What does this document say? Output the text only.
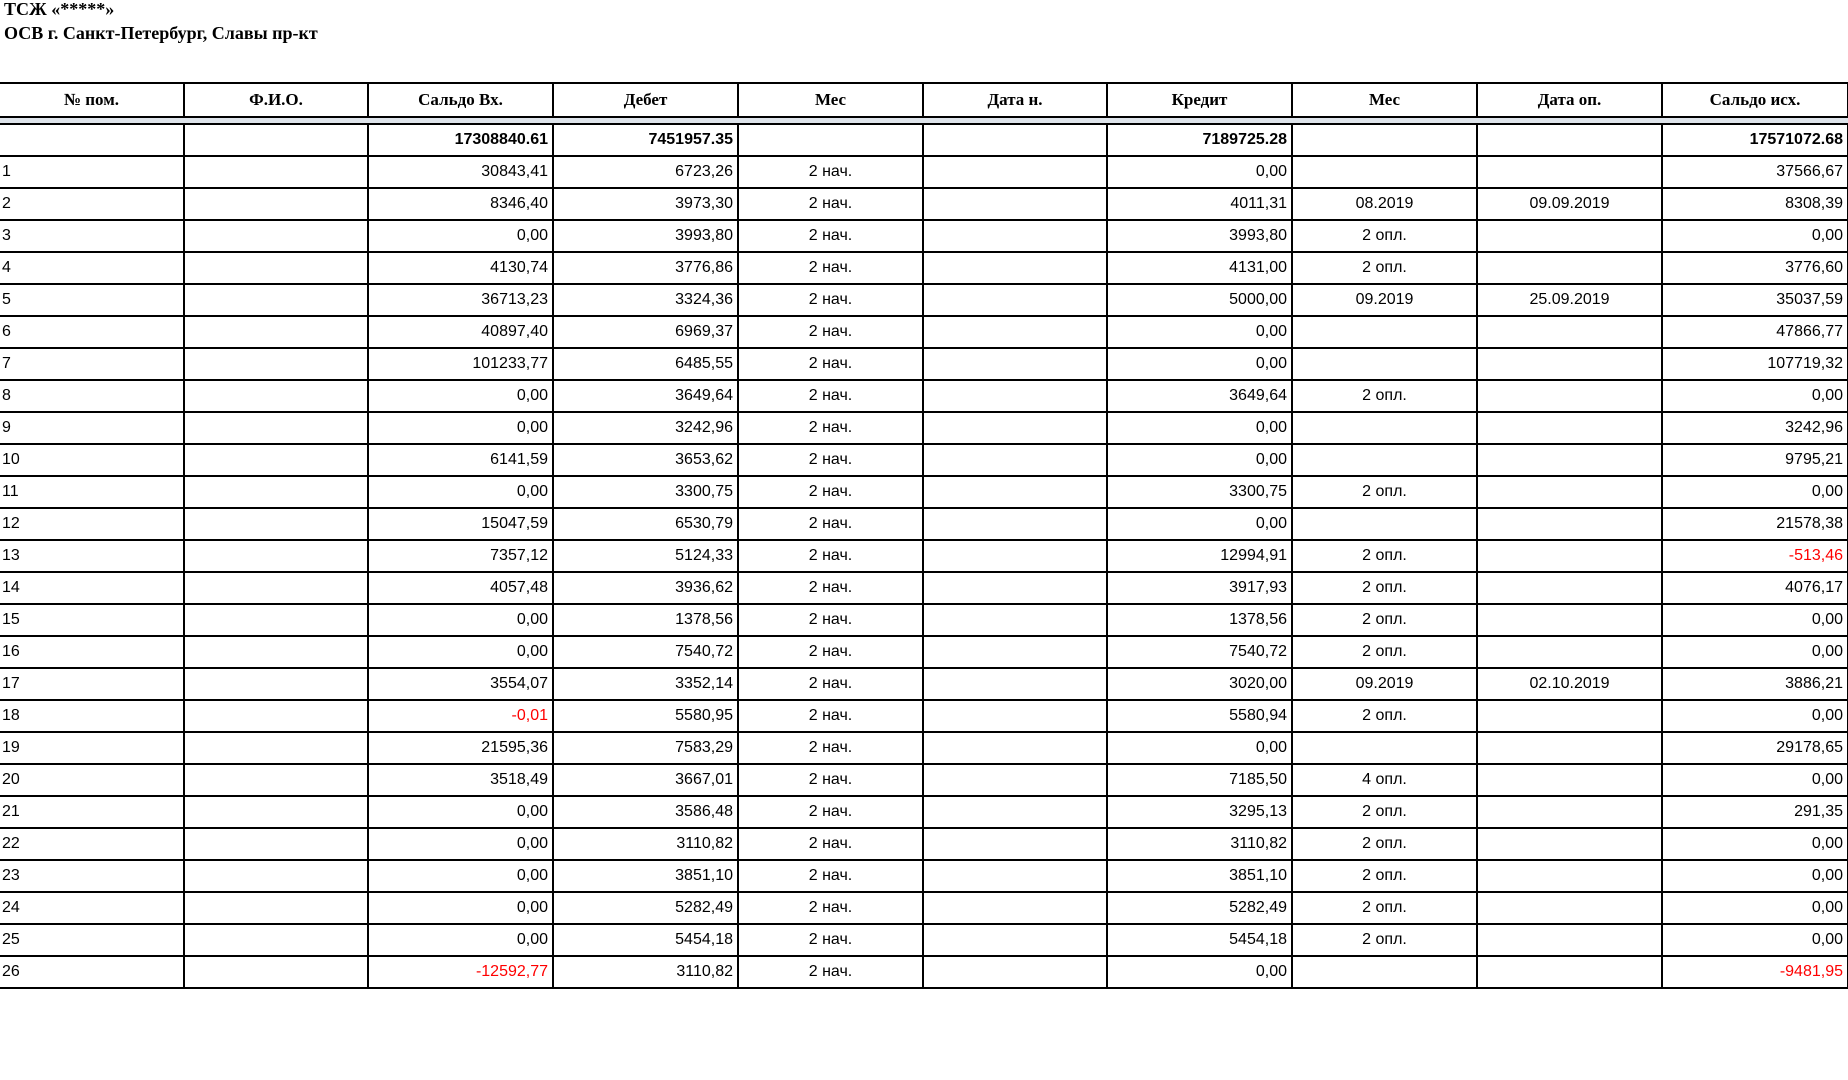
ТСЖ «*****»
ОСВ г. Санкт-Петербург, Славы пр-кт
№ пом.	Ф.И.О.	Сальдо Вх.	Дебет	Мес	Дата н.	Кредит	Мес	Дата оп.	Сальдо исх.

		17308840.61	7451957.35			7189725.28			17571072.68
1		30843,41	6723,26	2 нач.		0,00			37566,67
2		8346,40	3973,30	2 нач.		4011,31	08.2019	09.09.2019	8308,39
3		0,00	3993,80	2 нач.		3993,80	2 опл.		0,00
4		4130,74	3776,86	2 нач.		4131,00	2 опл.		3776,60
5		36713,23	3324,36	2 нач.		5000,00	09.2019	25.09.2019	35037,59
6		40897,40	6969,37	2 нач.		0,00			47866,77
7		101233,77	6485,55	2 нач.		0,00			107719,32
8		0,00	3649,64	2 нач.		3649,64	2 опл.		0,00
9		0,00	3242,96	2 нач.		0,00			3242,96
10		6141,59	3653,62	2 нач.		0,00			9795,21
11		0,00	3300,75	2 нач.		3300,75	2 опл.		0,00
12		15047,59	6530,79	2 нач.		0,00			21578,38
13		7357,12	5124,33	2 нач.		12994,91	2 опл.		-513,46
14		4057,48	3936,62	2 нач.		3917,93	2 опл.		4076,17
15		0,00	1378,56	2 нач.		1378,56	2 опл.		0,00
16		0,00	7540,72	2 нач.		7540,72	2 опл.		0,00
17		3554,07	3352,14	2 нач.		3020,00	09.2019	02.10.2019	3886,21
18		-0,01	5580,95	2 нач.		5580,94	2 опл.		0,00
19		21595,36	7583,29	2 нач.		0,00			29178,65
20		3518,49	3667,01	2 нач.		7185,50	4 опл.		0,00
21		0,00	3586,48	2 нач.		3295,13	2 опл.		291,35
22		0,00	3110,82	2 нач.		3110,82	2 опл.		0,00
23		0,00	3851,10	2 нач.		3851,10	2 опл.		0,00
24		0,00	5282,49	2 нач.		5282,49	2 опл.		0,00
25		0,00	5454,18	2 нач.		5454,18	2 опл.		0,00
26		-12592,77	3110,82	2 нач.		0,00			-9481,95
